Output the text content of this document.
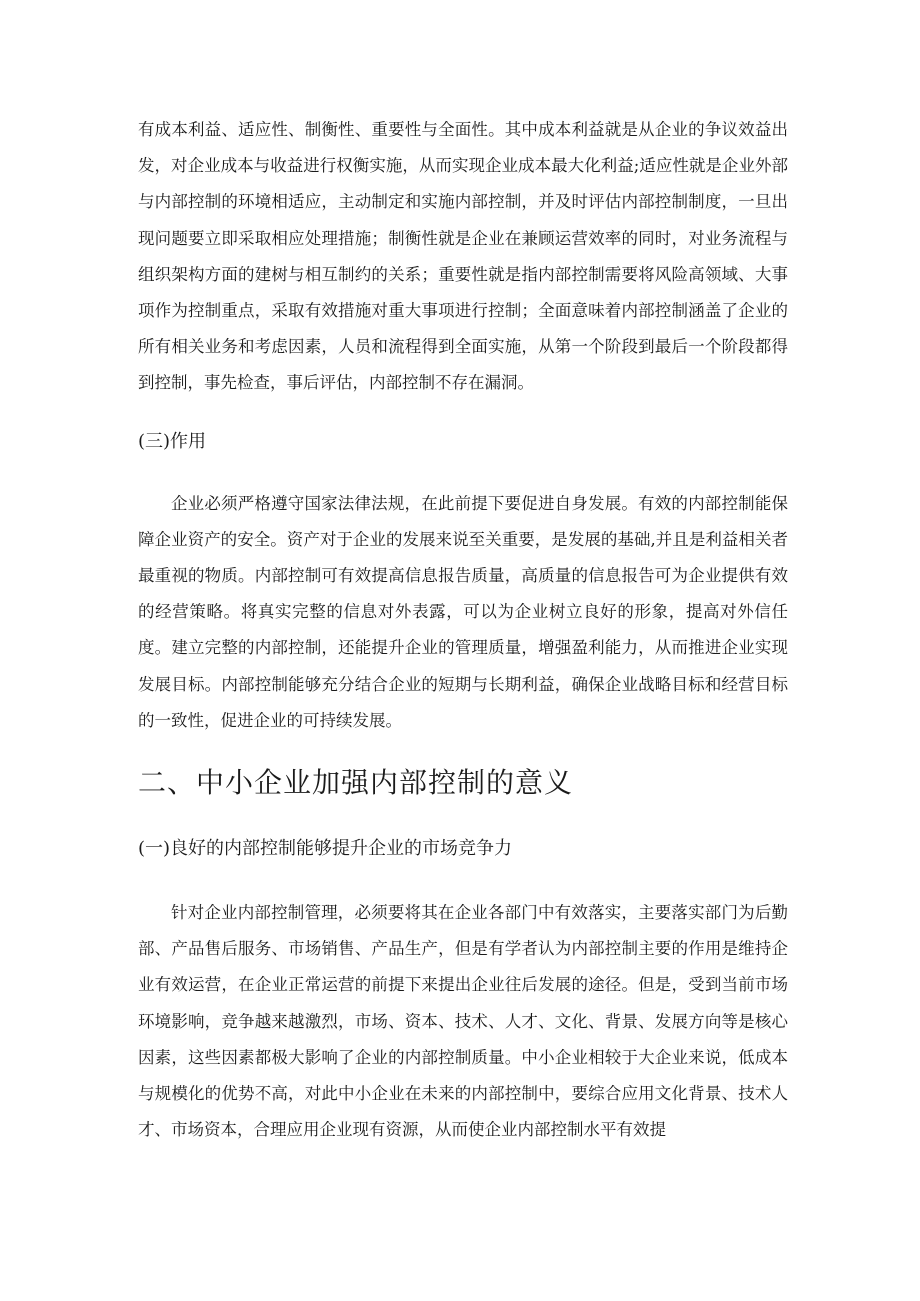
有成本利益、适应性、制衡性、重要性与全面性。其中成本利益就是从企业的争议效益出发，对企业成本与收益进行权衡实施，从而实现企业成本最大化利益;适应性就是企业外部与内部控制的环境相适应，主动制定和实施内部控制，并及时评估内部控制制度，一旦出现问题要立即采取相应处理措施；制衡性就是企业在兼顾运营效率的同时，对业务流程与组织架构方面的建树与相互制约的关系；重要性就是指内部控制需要将风险高领域、大事项作为控制重点，采取有效措施对重大事项进行控制；全面意味着内部控制涵盖了企业的所有相关业务和考虑因素，人员和流程得到全面实施，从第一个阶段到最后一个阶段都得到控制，事先检查，事后评估，内部控制不存在漏洞。

(三)作用

企业必须严格遵守国家法律法规，在此前提下要促进自身发展。有效的内部控制能保障企业资产的安全。资产对于企业的发展来说至关重要，是发展的基础,并且是利益相关者最重视的物质。内部控制可有效提高信息报告质量，高质量的信息报告可为企业提供有效的经营策略。将真实完整的信息对外表露，可以为企业树立良好的形象，提高对外信任度。建立完整的内部控制，还能提升企业的管理质量，增强盈利能力，从而推进企业实现发展目标。内部控制能够充分结合企业的短期与长期利益，确保企业战略目标和经营目标的一致性，促进企业的可持续发展。

二、中小企业加强内部控制的意义
(一)良好的内部控制能够提升企业的市场竞争力

针对企业内部控制管理，必须要将其在企业各部门中有效落实，主要落实部门为后勤部、产品售后服务、市场销售、产品生产，但是有学者认为内部控制主要的作用是维持企业有效运营，在企业正常运营的前提下来提出企业往后发展的途径。但是，受到当前市场环境影响，竞争越来越激烈，市场、资本、技术、人才、文化、背景、发展方向等是核心因素，这些因素都极大影响了企业的内部控制质量。中小企业相较于大企业来说，低成本与规模化的优势不高，对此中小企业在未来的内部控制中，要综合应用文化背景、技术人才、市场资本，合理应用企业现有资源，从而使企业内部控制水平有效提
